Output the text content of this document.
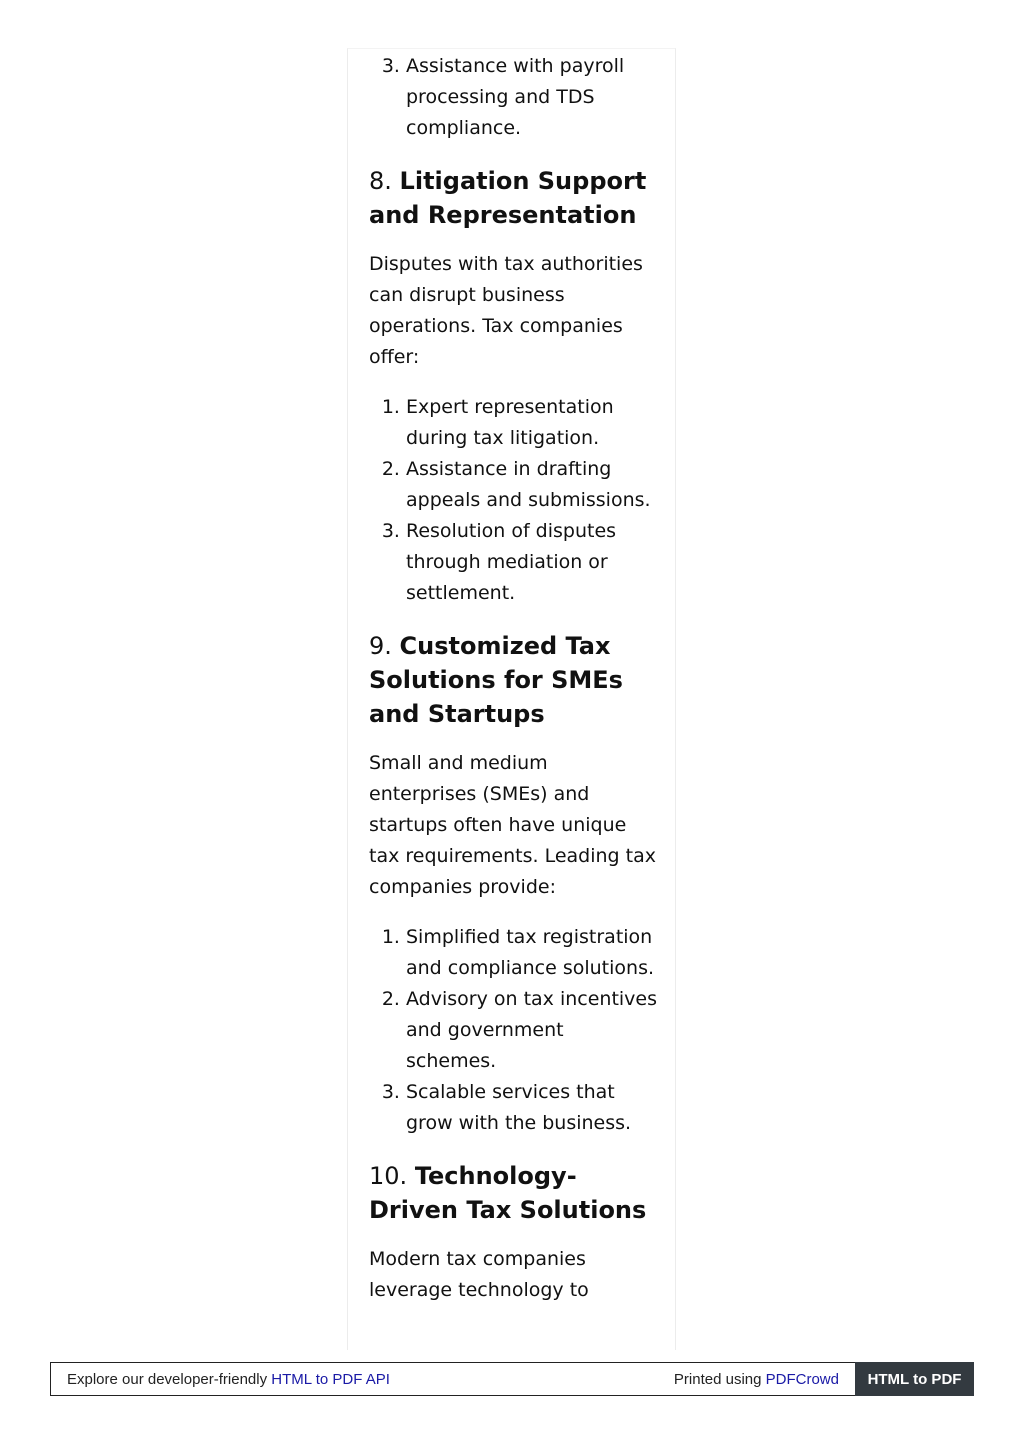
3. Assistance with payroll processing and TDS compliance.
8. Litigation Support and Representation

Disputes with tax authorities can disrupt business operations. Tax companies offer:

1. Expert representation during tax litigation.
2. Assistance in drafting appeals and submissions.
3. Resolution of disputes through mediation or settlement.
9. Customized Tax Solutions for SMEs and Startups

Small and medium enterprises (SMEs) and startups often have unique tax requirements. Leading tax companies provide:

1. Simplified tax registration and compliance solutions.
2. Advisory on tax incentives and government schemes.
3. Scalable services that grow with the business.
10. Technology-Driven Tax Solutions

Modern tax companies leverage technology to

Explore our developer-friendly HTML to PDF API	Printed using PDFCrowd	HTML to PDF
